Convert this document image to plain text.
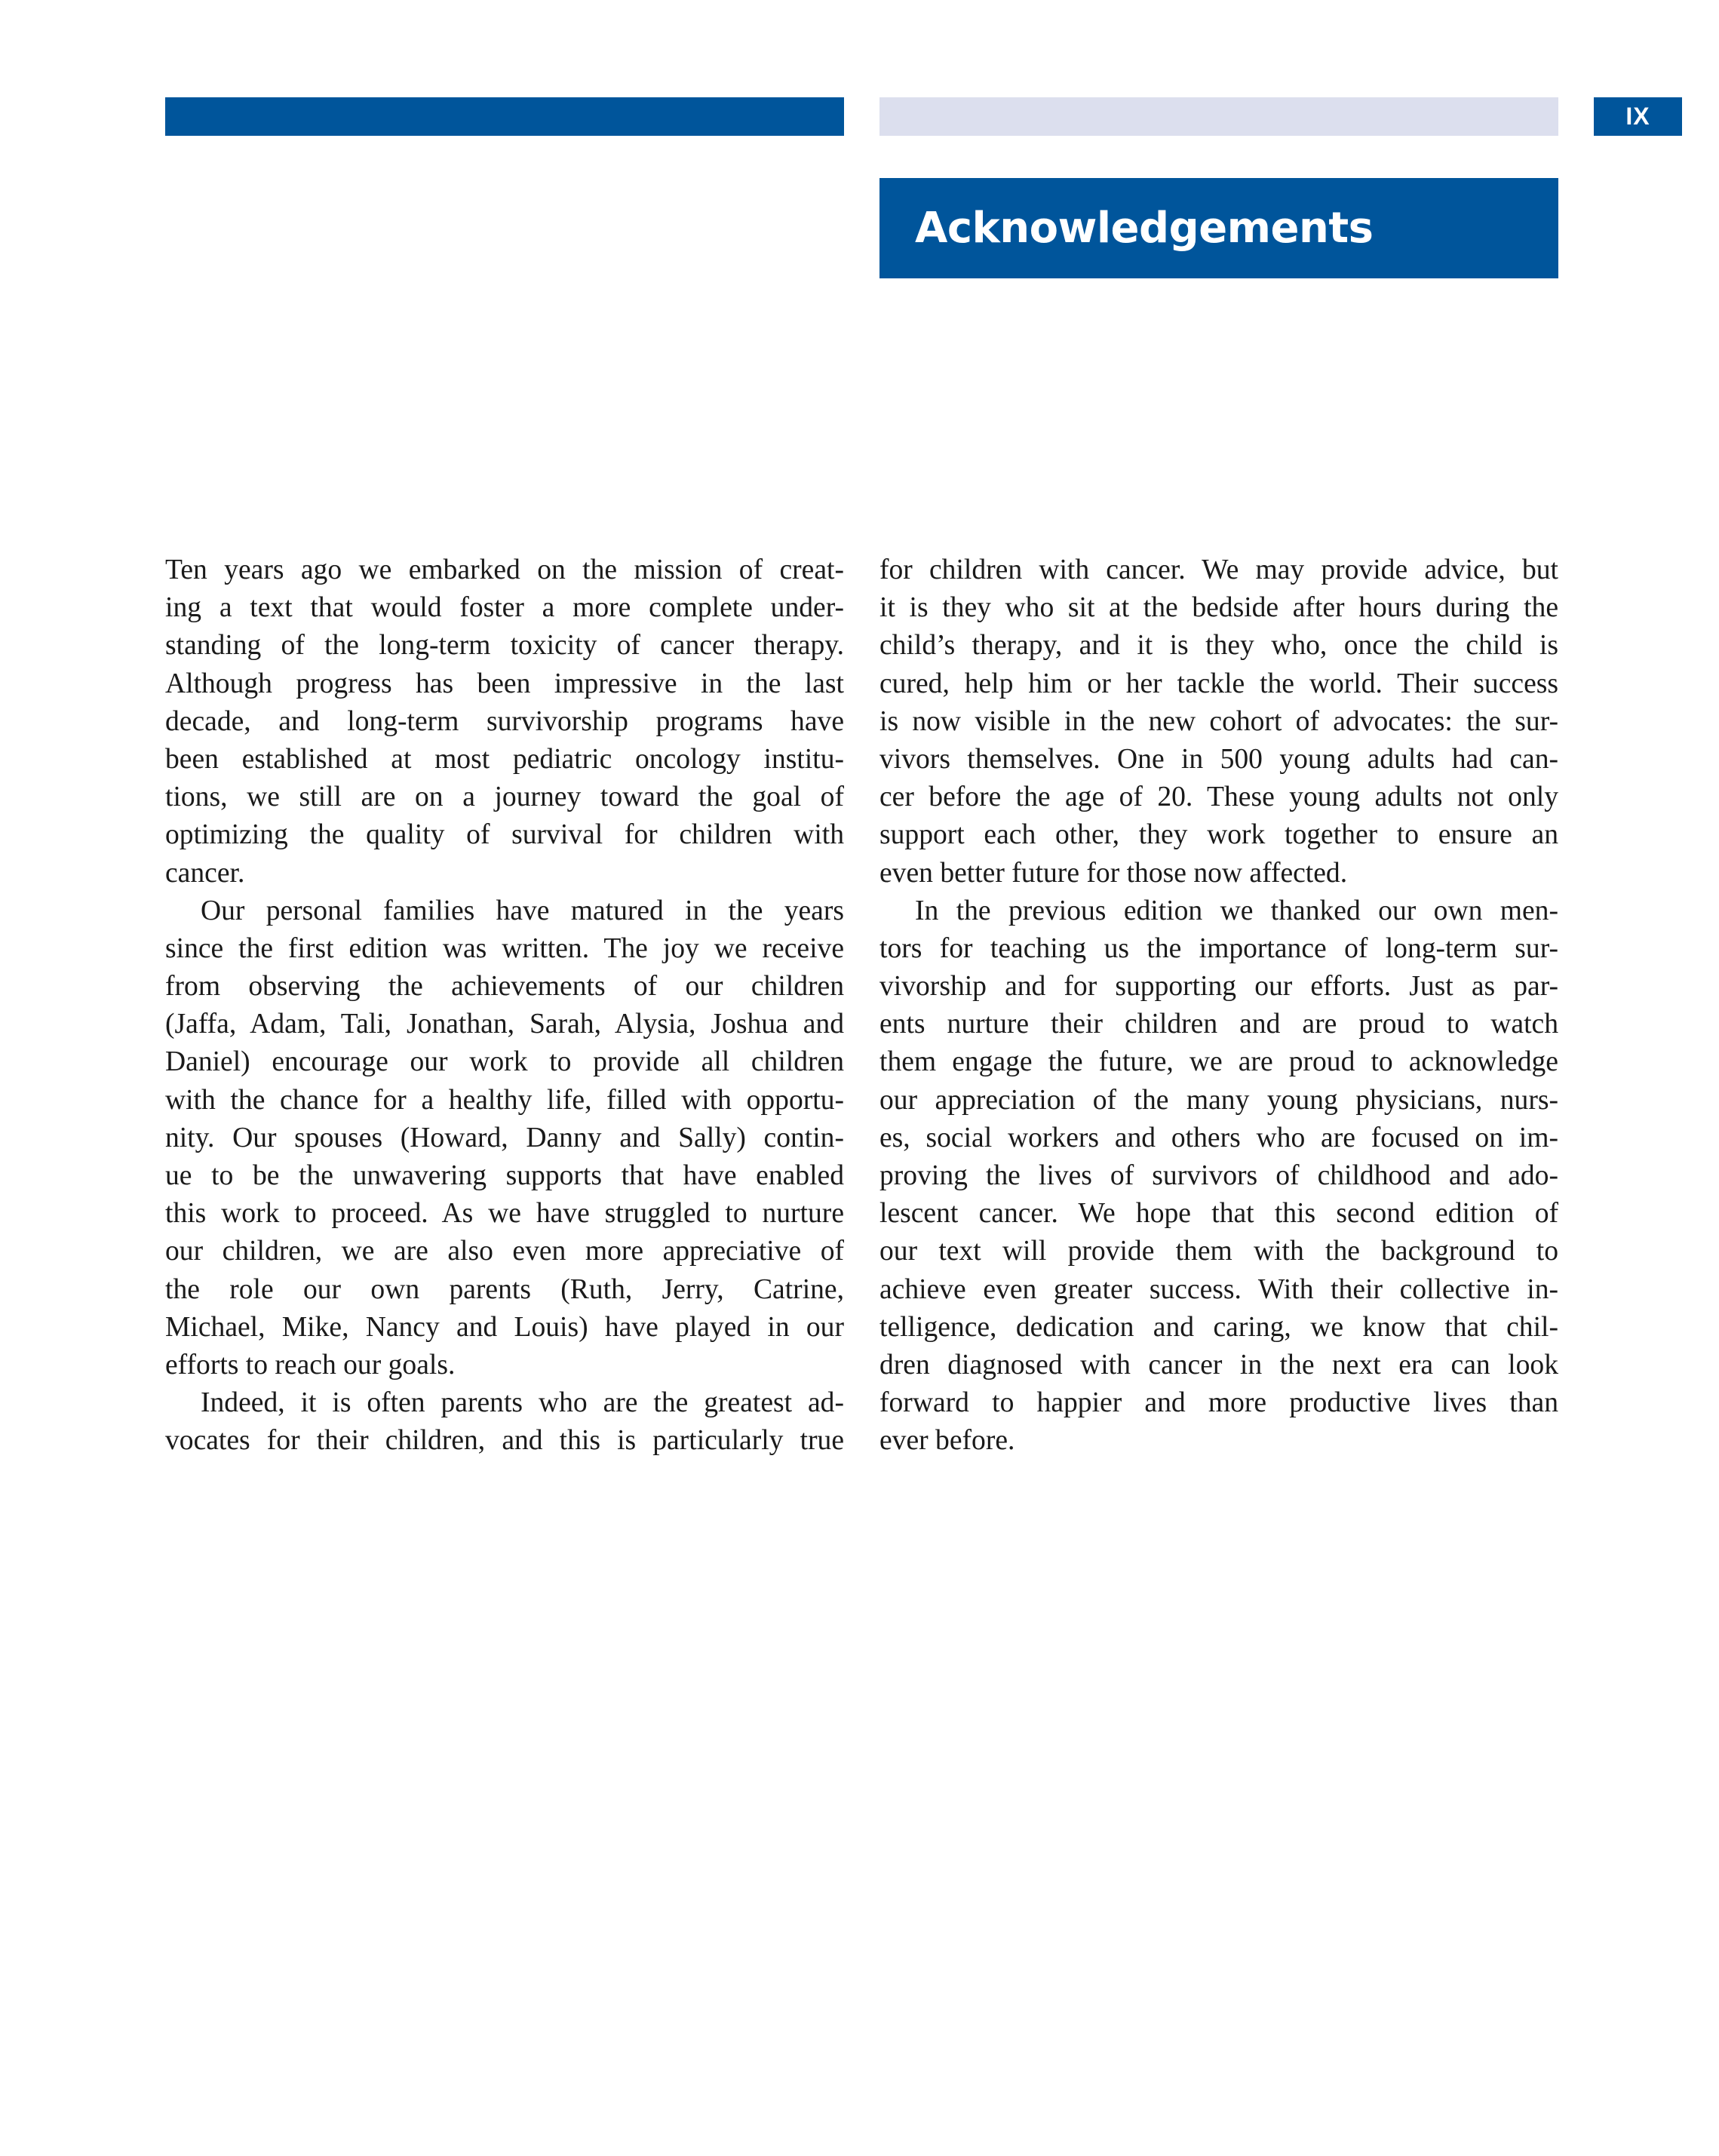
IX
Acknowledgements
Ten years ago we embarked on the mission of creat-
ing a text that would foster a more complete under-
standing of the long-term toxicity of cancer therapy.
Although progress has been impressive in the last
decade, and long-term survivorship programs have
been established at most pediatric oncology institu-
tions, we still are on a journey toward the goal of
optimizing the quality of survival for children with
cancer.
Our personal families have matured in the years
since the first edition was written. The joy we receive
from observing the achievements of our children
(Jaffa, Adam, Tali, Jonathan, Sarah, Alysia, Joshua and
Daniel) encourage our work to provide all children
with the chance for a healthy life, filled with opportu-
nity. Our spouses (Howard, Danny and Sally) contin-
ue to be the unwavering supports that have enabled
this work to proceed. As we have struggled to nurture
our children, we are also even more appreciative of
the role our own parents (Ruth, Jerry, Catrine,
Michael, Mike, Nancy and Louis) have played in our
efforts to reach our goals.
Indeed, it is often parents who are the greatest ad-
vocates for their children, and this is particularly true
for children with cancer. We may provide advice, but
it is they who sit at the bedside after hours during the
child’s therapy, and it is they who, once the child is
cured, help him or her tackle the world. Their success
is now visible in the new cohort of advocates: the sur-
vivors themselves. One in 500 young adults had can-
cer before the age of 20. These young adults not only
support each other, they work together to ensure an
even better future for those now affected.
In the previous edition we thanked our own men-
tors for teaching us the importance of long-term sur-
vivorship and for supporting our efforts. Just as par-
ents nurture their children and are proud to watch
them engage the future, we are proud to acknowledge
our appreciation of the many young physicians, nurs-
es, social workers and others who are focused on im-
proving the lives of survivors of childhood and ado-
lescent cancer. We hope that this second edition of
our text will provide them with the background to
achieve even greater success. With their collective in-
telligence, dedication and caring, we know that chil-
dren diagnosed with cancer in the next era can look
forward to happier and more productive lives than
ever before.
